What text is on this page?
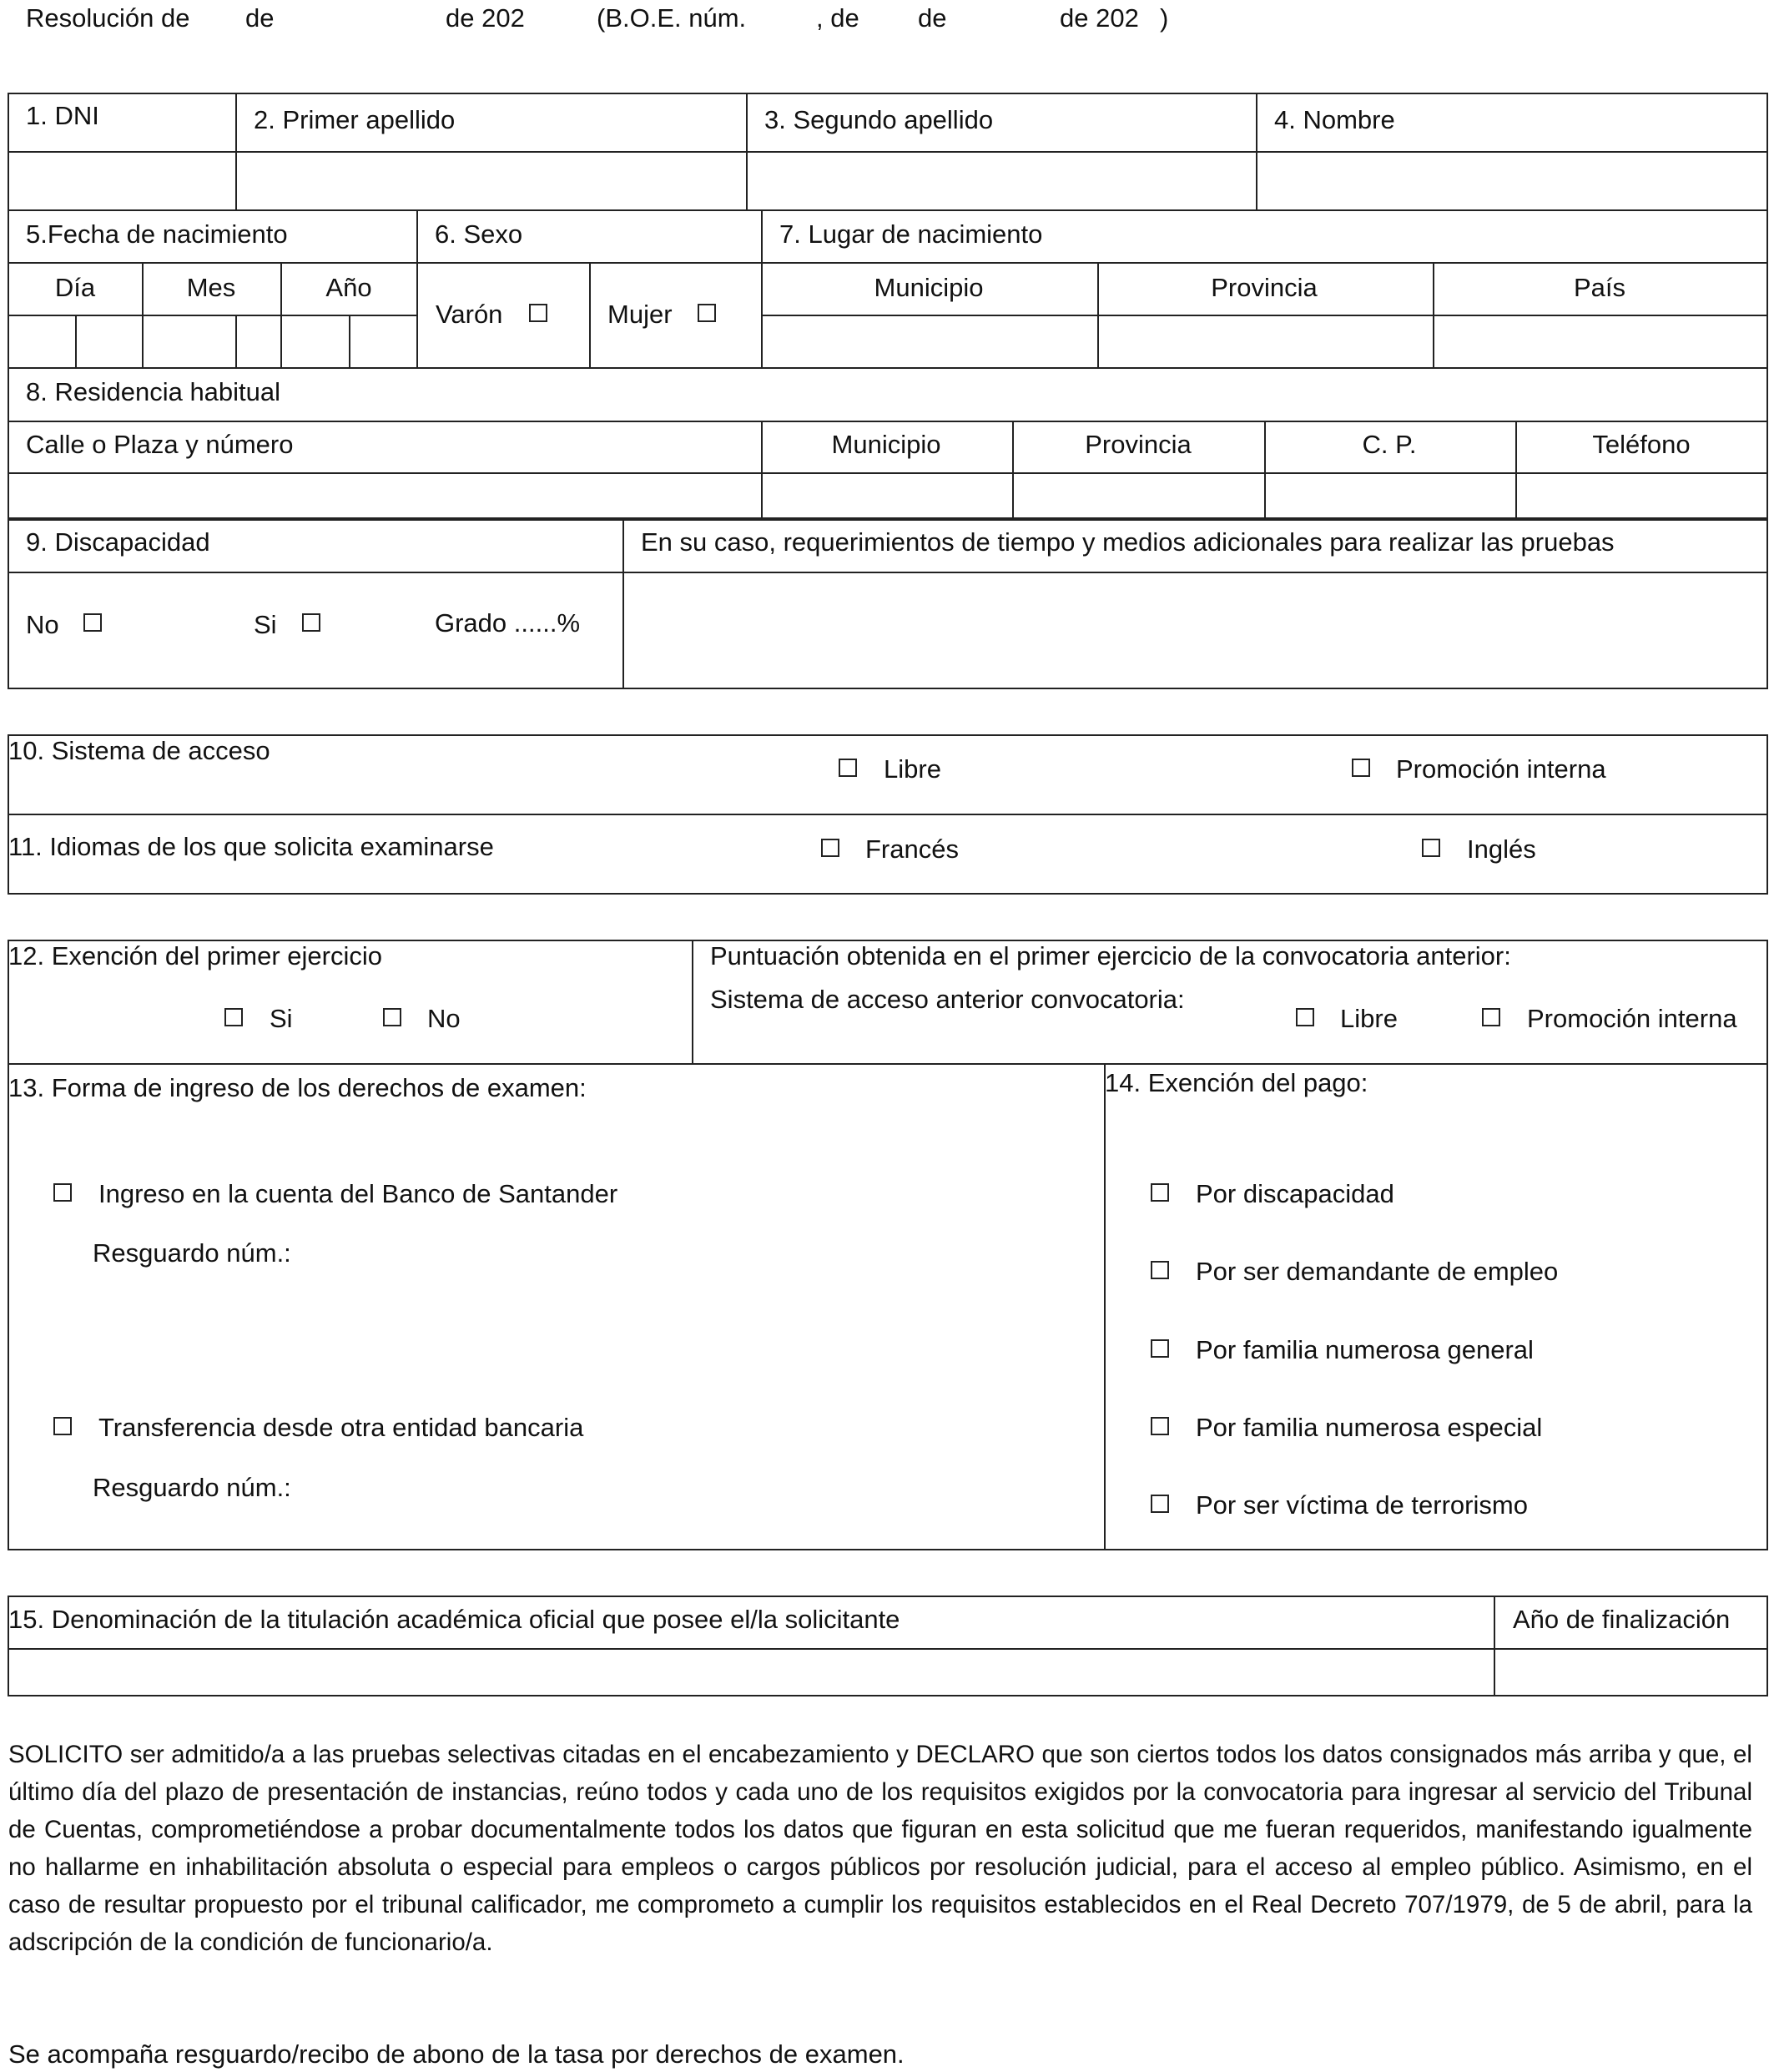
Resolución de de	de 202	(B.O.E. núm.	, de de	de 202 )
1. DNI	2. Primer apellido	3. Segundo apellido	4. Nombre
5.Fecha de nacimiento	6. Sexo	7. Lugar de nacimiento
Día	Mes	Año
Varón	Mujer
Municipio	Provincia	País
8. Residencia habitual
Calle o Plaza y número	Municipio	Provincia	C. P.	Teléfono
9. Discapacidad	En su caso, requerimientos de tiempo y medios adicionales para realizar las pruebas
No	Si	Grado ......%
10. Sistema de acceso
Libre	Promoción interna
11. Idiomas de los que solicita examinarse	Francés	Inglés
12. Exención del primer ejercicio
Si	No
Puntuación obtenida en el primer ejercicio de la convocatoria anterior:
Sistema de acceso anterior convocatoria:
Libre	Promoción interna
13. Forma de ingreso de los derechos de examen:
Ingreso en la cuenta del Banco de Santander
Resguardo núm.:
Transferencia desde otra entidad bancaria
Resguardo núm.:
14. Exención del pago:
Por discapacidad
Por ser demandante de empleo
Por familia numerosa general
Por familia numerosa especial
Por ser víctima de terrorismo
15. Denominación de la titulación académica oficial que posee el/la solicitante	Año de finalización
SOLICITO ser admitido/a a las pruebas selectivas citadas en el encabezamiento y DECLARO que son ciertos todos los datos consignados más arriba y que, el último día del plazo de presentación de instancias, reúno todos y cada uno de los requisitos exigidos por la convocatoria para ingresar al servicio del Tribunal de Cuentas, comprometiéndose a probar documentalmente todos los datos que figuran en esta solicitud que me fueran requeridos, manifestando igualmente no hallarme en inhabilitación absoluta o especial para empleos o cargos públicos por resolución judicial, para el acceso al empleo público. Asimismo, en el caso de resultar propuesto por el tribunal calificador, me comprometo a cumplir los requisitos establecidos en el Real Decreto 707/1979, de 5 de abril, para la adscripción de la condición de funcionario/a.
Se acompaña resguardo/recibo de abono de la tasa por derechos de examen.
